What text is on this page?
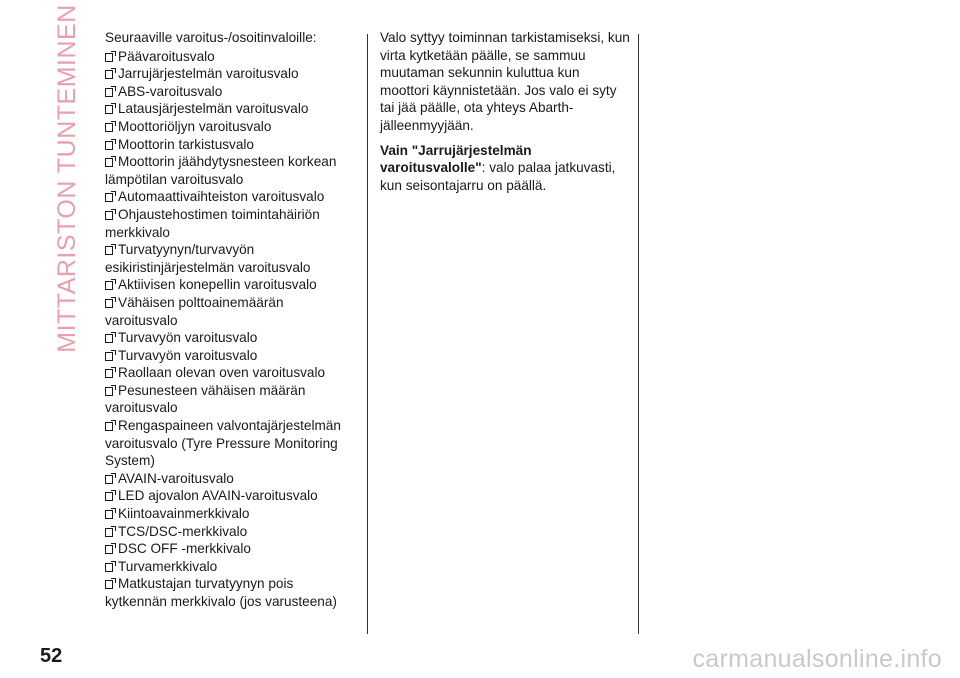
MITTARISTON TUNTEMINEN Seuraaville varoitus-/osoitinvaloille:

Päävaroitusvalo
Jarrujärjestelmän varoitusvalo
ABS-varoitusvalo
Latausjärjestelmän varoitusvalo
Moottoriöljyn varoitusvalo
Moottorin tarkistusvalo
Moottorin jäähdytysnesteen korkean lämpötilan varoitusvalo
Automaattivaihteiston varoitusvalo
Ohjaustehostimen toimintahäiriön merkkivalo
Turvatyynyn/turvavyön esikiristinjärjestelmän varoitusvalo
Aktiivisen konepellin varoitusvalo
Vähäisen polttoainemäärän varoitusvalo
Turvavyön varoitusvalo
Turvavyön varoitusvalo
Raollaan olevan oven varoitusvalo
Pesunesteen vähäisen määrän varoitusvalo
Rengaspaineen valvontajärjestelmän varoitusvalo (Tyre Pressure Monitoring System)
AVAIN-varoitusvalo
LED ajovalon AVAIN-varoitusvalo
Kiintoavainmerkkivalo
TCS/DSC-merkkivalo
DSC OFF -merkkivalo
Turvamerkkivalo
Matkustajan turvatyynyn pois kytkennän merkkivalo (jos varusteena)

Valo syttyy toiminnan tarkistamiseksi, kun virta kytketään päälle, se sammuu muutaman sekunnin kuluttua kun moottori käynnistetään. Jos valo ei syty tai jää päälle, ota yhteys Abarth-jälleenmyyjään.

Vain "Jarrujärjestelmän varoitusvalolle": valo palaa jatkuvasti, kun seisontajarru on päällä.

52	carmanualsonline.info
